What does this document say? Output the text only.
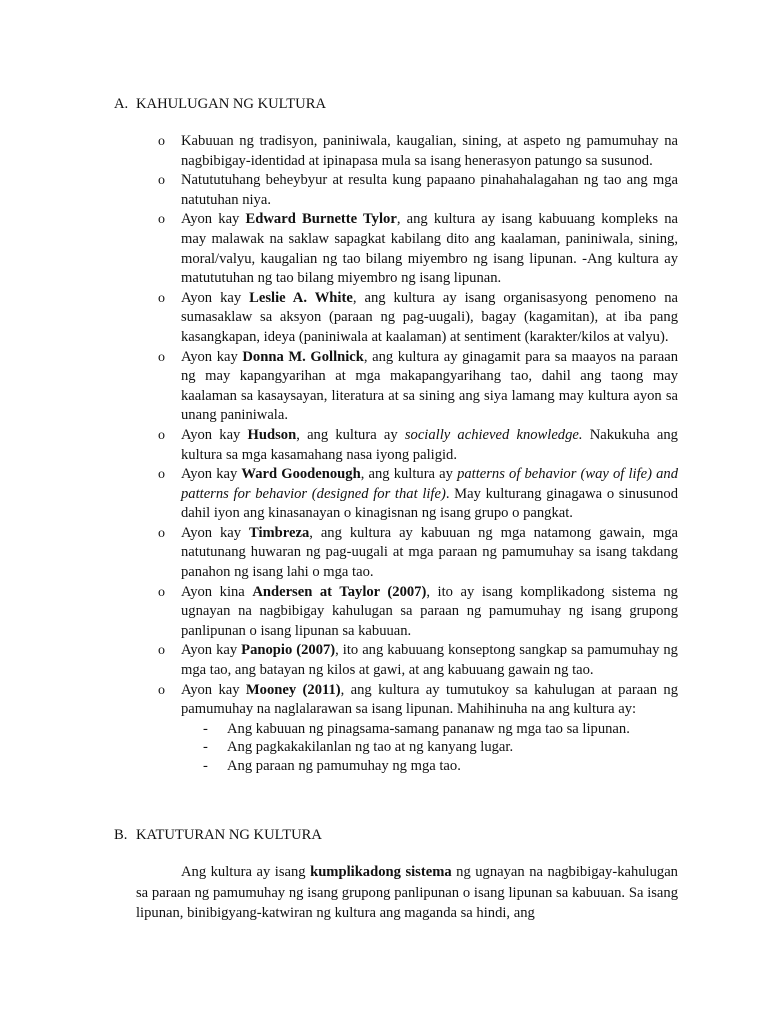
A. KAHULUGAN NG KULTURA
o Kabuuan ng tradisyon, paniniwala, kaugalian, sining, at aspeto ng pamumuhay na nagbibigay-identidad at ipinapasa mula sa isang henerasyon patungo sa susunod.
o Natututuhang beheybyur at resulta kung papaano pinahahalagahan ng tao ang mga natutuhan niya.
o Ayon kay Edward Burnette Tylor, ang kultura ay isang kabuuang kompleks na may malawak na saklaw sapagkat kabilang dito ang kaalaman, paniniwala, sining, moral/valyu, kaugalian ng tao bilang miyembro ng isang lipunan. -Ang kultura ay matututuhan ng tao bilang miyembro ng isang lipunan.
o Ayon kay Leslie A. White, ang kultura ay isang organisasyong penomeno na sumasaklaw sa aksyon (paraan ng pag-uugali), bagay (kagamitan), at iba pang kasangkapan, ideya (paniniwala at kaalaman) at sentiment (karakter/kilos at valyu).
o Ayon kay Donna M. Gollnick, ang kultura ay ginagamit para sa maayos na paraan ng may kapangyarihan at mga makapangyarihang tao, dahil ang taong may kaalaman sa kasaysayan, literatura at sa sining ang siya lamang may kultura ayon sa unang paniniwala.
o Ayon kay Hudson, ang kultura ay socially achieved knowledge. Nakukuha ang kultura sa mga kasamahang nasa iyong paligid.
o Ayon kay Ward Goodenough, ang kultura ay patterns of behavior (way of life) and patterns for behavior (designed for that life). May kulturang ginagawa o sinusunod dahil iyon ang kinasanayan o kinagisnan ng isang grupo o pangkat.
o Ayon kay Timbreza, ang kultura ay kabuuan ng mga natamong gawain, mga natutunang huwaran ng pag-uugali at mga paraan ng pamumuhay sa isang takdang panahon ng isang lahi o mga tao.
o Ayon kina Andersen at Taylor (2007), ito ay isang komplikadong sistema ng ugnayan na nagbibigay kahulugan sa paraan ng pamumuhay ng isang grupong panlipunan o isang lipunan sa kabuuan.
o Ayon kay Panopio (2007), ito ang kabuuang konseptong sangkap sa pamumuhay ng mga tao, ang batayan ng kilos at gawi, at ang kabuuang gawain ng tao.
o Ayon kay Mooney (2011), ang kultura ay tumutukoy sa kahulugan at paraan ng pamumuhay na naglalarawan sa isang lipunan. Mahihinuha na ang kultura ay:
- Ang kabuuan ng pinagsama-samang pananaw ng mga tao sa lipunan.
- Ang pagkakakilanlan ng tao at ng kanyang lugar.
- Ang paraan ng pamumuhay ng mga tao.
B. KATUTURAN NG KULTURA

Ang kultura ay isang kumplikadong sistema ng ugnayan na nagbibigay-kahulugan sa paraan ng pamumuhay ng isang grupong panlipunan o isang lipunan sa kabuuan. Sa isang lipunan, binibigyang-katwiran ng kultura ang maganda sa hindi, ang
